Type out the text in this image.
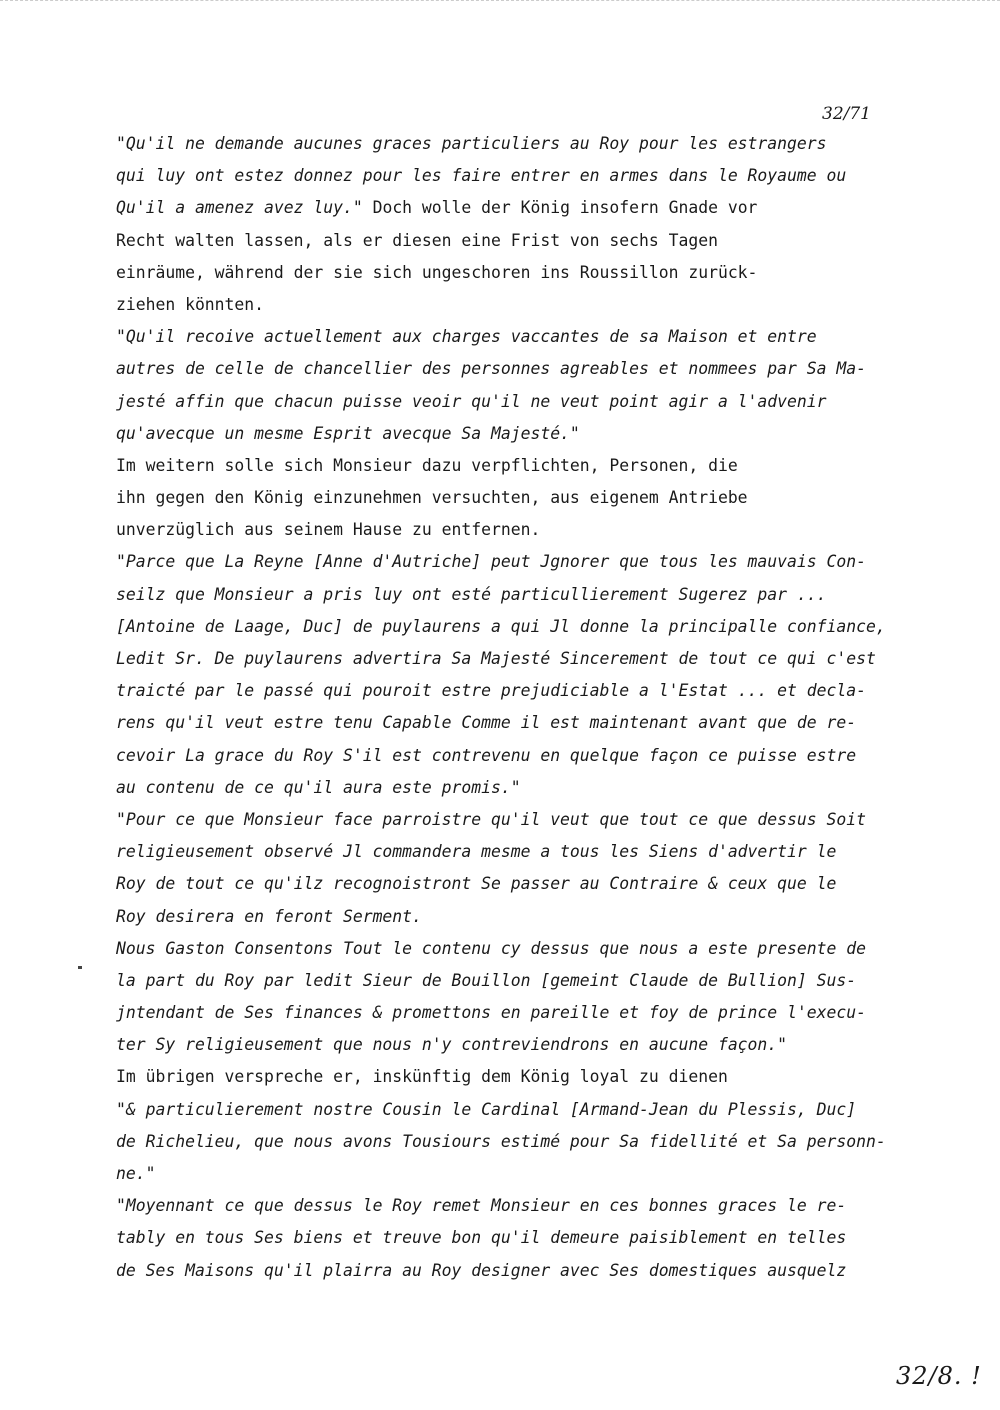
32/71
"Qu'il ne demande aucunes graces particuliers au Roy pour les estrangers
qui luy ont estez donnez pour les faire entrer en armes dans le Royaume ou
Qu'il a amenez avez luy." Doch wolle der König insofern Gnade vor
Recht walten lassen, als er diesen eine Frist von sechs Tagen
einräume, während der sie sich ungeschoren ins Roussillon zurück-
ziehen könnten.
"Qu'il recoive actuellement aux charges vaccantes de sa Maison et entre
autres de celle de chancellier des personnes agreables et nommees par Sa Ma-
jesté affin que chacun puisse veoir qu'il ne veut point agir a l'advenir
qu'avecque un mesme Esprit avecque Sa Majesté."
Im weitern solle sich Monsieur dazu verpflichten, Personen, die
ihn gegen den König einzunehmen versuchten, aus eigenem Antriebe
unverzüglich aus seinem Hause zu entfernen.
"Parce que La Reyne [Anne d'Autriche] peut Jgnorer que tous les mauvais Con-
seilz que Monsieur a pris luy ont esté particullierement Sugerez par ...
[Antoine de Laage, Duc] de puylaurens a qui Jl donne la principalle confiance,
Ledit Sr. De puylaurens advertira Sa Majesté Sincerement de tout ce qui c'est
traicté par le passé qui pouroit estre prejudiciable a l'Estat ... et decla-
rens qu'il veut estre tenu Capable Comme il est maintenant avant que de re-
cevoir La grace du Roy S'il est contrevenu en quelque façon ce puisse estre
au contenu de ce qu'il aura este promis."
"Pour ce que Monsieur face parroistre qu'il veut que tout ce que dessus Soit
religieusement observé Jl commandera mesme a tous les Siens d'advertir le
Roy de tout ce qu'ilz recognoistront Se passer au Contraire & ceux que le
Roy desirera en feront Serment.
Nous Gaston Consentons Tout le contenu cy dessus que nous a este presente de
la part du Roy par ledit Sieur de Bouillon [gemeint Claude de Bullion] Sus-
jntendant de Ses finances & promettons en pareille et foy de prince l'execu-
ter Sy religieusement que nous n'y contreviendrons en aucune façon."
Im übrigen verspreche er, inskünftig dem König loyal zu dienen
"& particulierement nostre Cousin le Cardinal [Armand-Jean du Plessis, Duc]
de Richelieu, que nous avons Tousiours estimé pour Sa fidellité et Sa personn-
ne."
"Moyennant ce que dessus le Roy remet Monsieur en ces bonnes graces le re-
tably en tous Ses biens et treuve bon qu'il demeure paisiblement en telles
de Ses Maisons qu'il plairra au Roy designer avec Ses domestiques ausquelz
32/8. !
